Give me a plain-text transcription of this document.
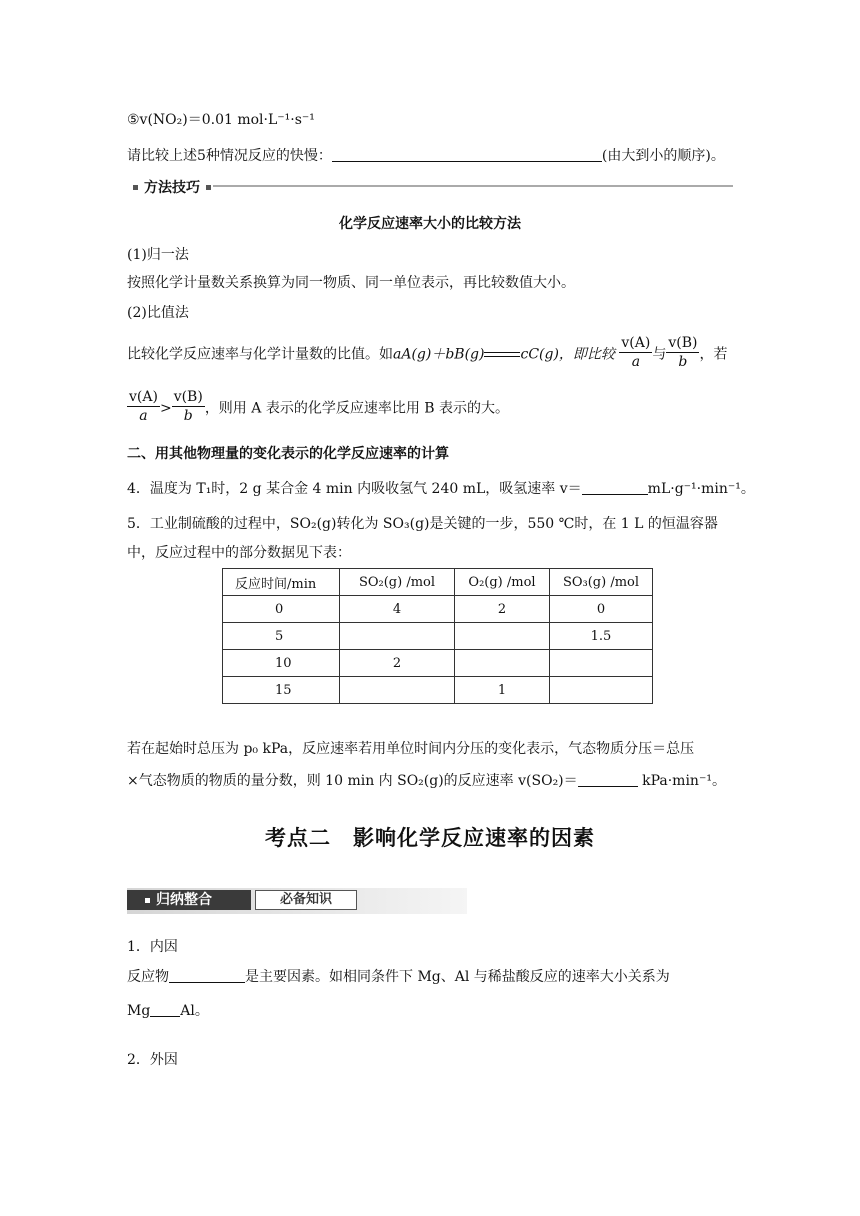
⑤v(NO₂)＝0.01 mol·L⁻¹·s⁻¹
请比较上述5种情况反应的快慢：	(由大到小的顺序)。
方法技巧
化学反应速率大小的比较方法
(1)归一法
按照化学计量数关系换算为同一物质、同一单位表示，再比较数值大小。
(2)比值法
比较化学反应速率与化学计量数的比值。如aA(g)＋bB(g)	cC(g)，即比较 $\frac{v(A)}{a}$ 与 $\frac{v(B)}{b}$ ，若
$\frac{v(A)}{a} > \frac{v(B)}{b}$ ，则用 A 表示的化学反应速率比用 B 表示的大。
二、用其他物理量的变化表示的化学反应速率的计算
4．温度为 T₁时，2 g 某合金 4 min 内吸收氢气 240 mL，吸氢速率 v＝	mL·g⁻¹·min⁻¹。
5．工业制硫酸的过程中，SO₂(g)转化为 SO₃(g)是关键的一步，550 ℃时，在 1 L 的恒温容器
中，反应过程中的部分数据见下表：
反应时间/min	SO₂(g) /mol	O₂(g) /mol	SO₃(g) /mol
0	4	2	0
5			1.5
10	2		
15		1	
若在起始时总压为 p₀ kPa，反应速率若用单位时间内分压的变化表示，气态物质分压＝总压
×气态物质的物质的量分数，则 10 min 内 SO₂(g)的反应速率 v(SO₂)＝	kPa·min⁻¹。
考点二　影响化学反应速率的因素
归纳整合	必备知识
1．内因
反应物	是主要因素。如相同条件下 Mg、Al 与稀盐酸反应的速率大小关系为
Mg Al。
2．外因
